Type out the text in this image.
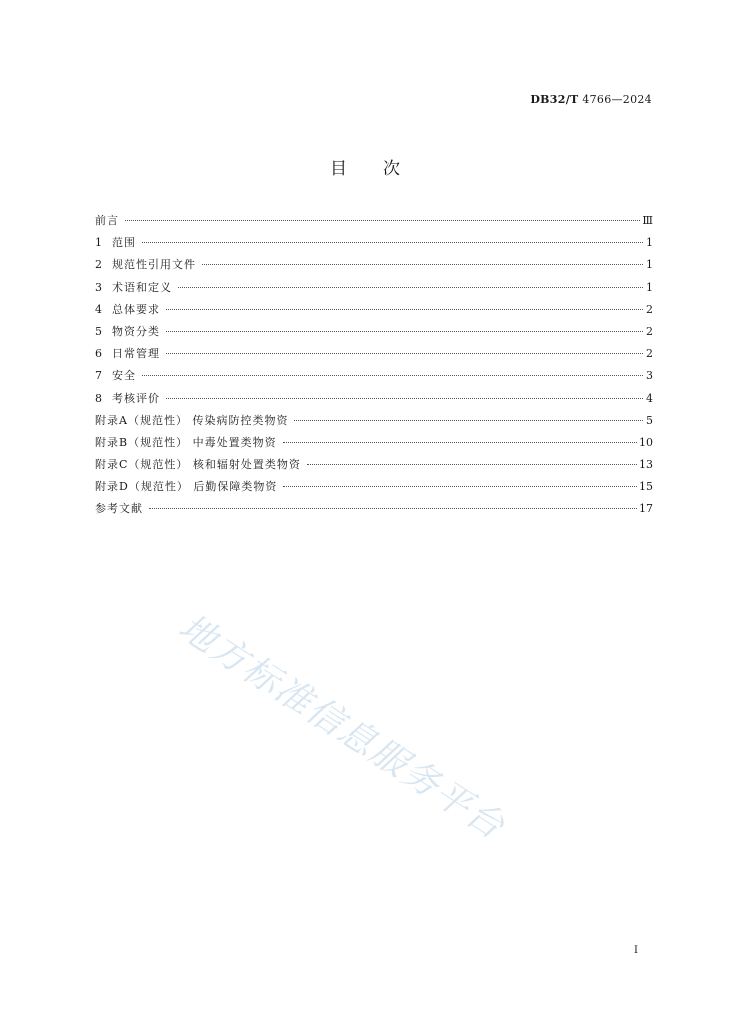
DB32/T 4766—2024
目次
前言	Ⅲ
1 范围	1
2 规范性引用文件	1
3 术语和定义	1
4 总体要求	2
5 物资分类	2
6 日常管理	2
7 安全	3
8 考核评价	4
附录A（规范性） 传染病防控类物资	5
附录B（规范性） 中毒处置类物资	10
附录C（规范性） 核和辐射处置类物资	13
附录D（规范性） 后勤保障类物资	15
参考文献	17
地方标准信息服务平台
I
